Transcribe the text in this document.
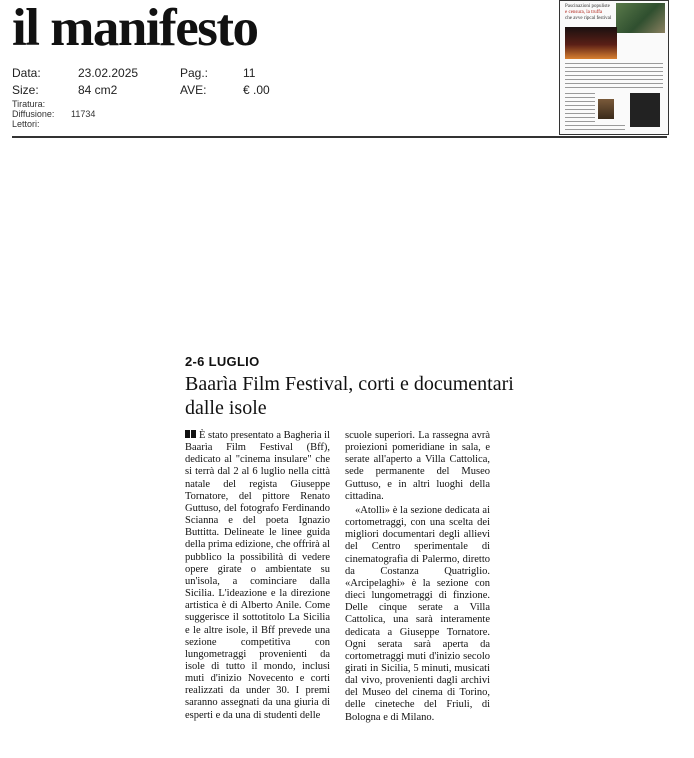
il manifesto
Data:	23.02.2025	Pag.:	11
Size:	84 cm2	AVE:	€ .00
Tiratura:
Diffusione: 11734
Lettori:
Pascinazioni populiste
e censura, la truffa
che avve ripcal festival
2-6 LUGLIO
Baarìa Film Festival, corti e documentari dalle isole

È stato presentato a Bagheria il Baarìa Film Festival (Bff), dedicato al "cinema insulare" che si terrà dal 2 al 6 luglio nella città natale del regista Giuseppe Tornatore, del pittore Renato Guttuso, del fotografo Ferdinando Scianna e del poeta Ignazio Buttitta. Delineate le linee guida della prima edizione, che offrirà al pubblico la possibilità di vedere opere girate o ambientate su un'isola, a cominciare dalla Sicilia. L'ideazione e la direzione artistica è di Alberto Anile. Come suggerisce il sottotitolo La Sicilia e le altre isole, il Bff prevede una sezione competitiva con lungometraggi provenienti da isole di tutto il mondo, inclusi muti d'inizio Novecento e corti realizzati da under 30. I premi saranno assegnati da una giuria di esperti e da una di studenti delle

scuole superiori. La rassegna avrà proiezioni pomeridiane in sala, e serate all'aperto a Villa Cattolica, sede permanente del Museo Guttuso, e in altri luoghi della cittadina.

«Atolli» è la sezione dedicata ai cortometraggi, con una scelta dei migliori documentari degli allievi del Centro sperimentale di cinematografia di Palermo, diretto da Costanza Quatriglio. «Arcipelaghi» è la sezione con dieci lungometraggi di finzione. Delle cinque serate a Villa Cattolica, una sarà interamente dedicata a Giuseppe Tornatore. Ogni serata sarà aperta da cortometraggi muti d'inizio secolo girati in Sicilia, 5 minuti, musicati dal vivo, provenienti dagli archivi del Museo del cinema di Torino, delle cineteche del Friuli, di Bologna e di Milano.
